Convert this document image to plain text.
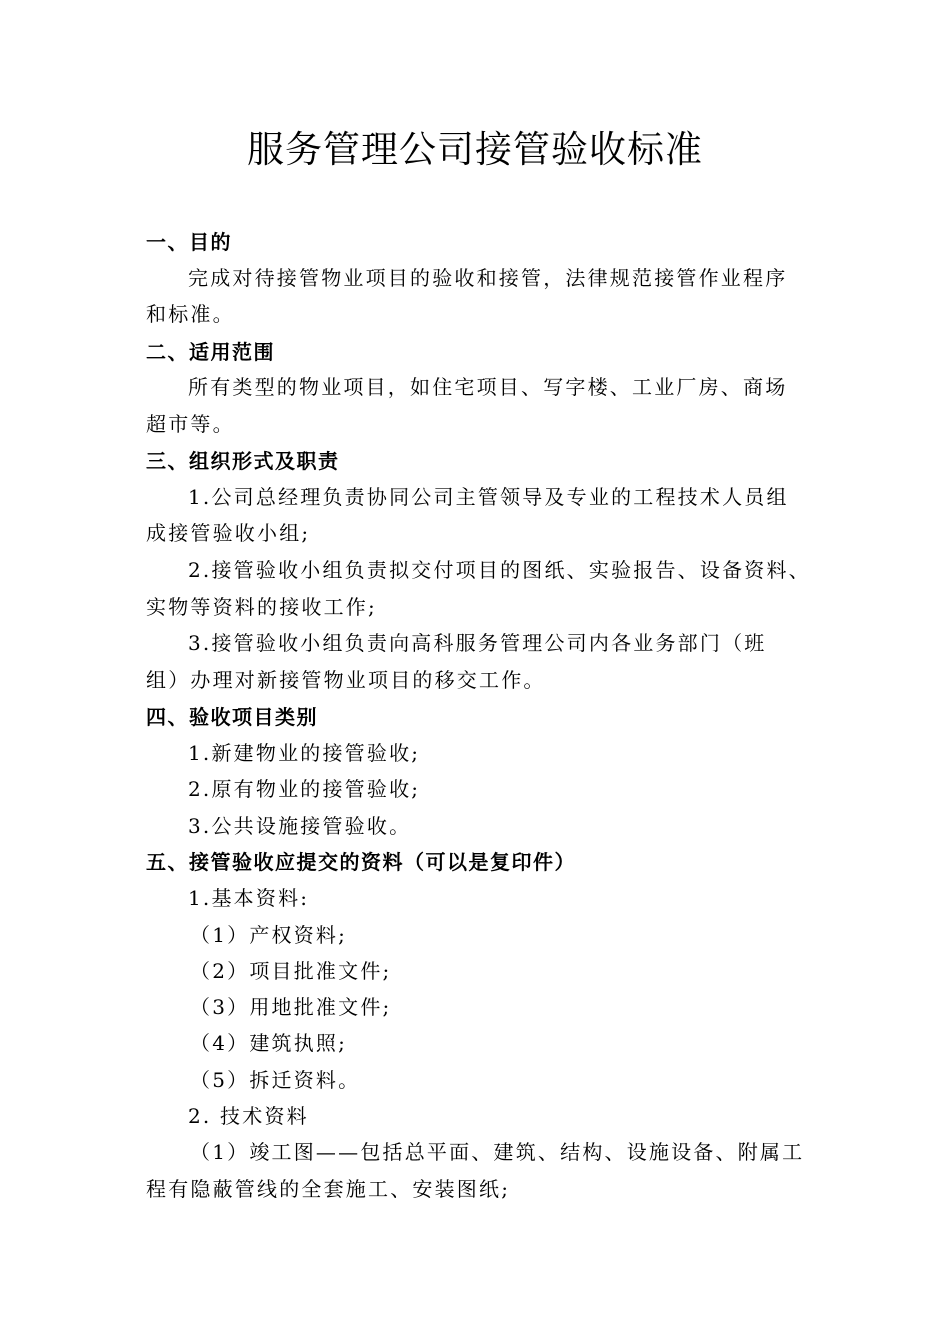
服务管理公司接管验收标准
一、目的
完成对待接管物业项目的验收和接管，法律规范接管作业程序
和标准。
二、适用范围
所有类型的物业项目，如住宅项目、写字楼、工业厂房、商场
超市等。
三、组织形式及职责
1.公司总经理负责协同公司主管领导及专业的工程技术人员组
成接管验收小组;
2.接管验收小组负责拟交付项目的图纸、实验报告、设备资料、
实物等资料的接收工作;
3.接管验收小组负责向高科服务管理公司内各业务部门（班
组）办理对新接管物业项目的移交工作。
四、验收项目类别
1.新建物业的接管验收;
2.原有物业的接管验收;
3.公共设施接管验收。
五、接管验收应提交的资料（可以是复印件）
1.基本资料:
（1）产权资料;
（2）项目批准文件;
（3）用地批准文件;
（4）建筑执照;
（5）拆迁资料。
2. 技术资料
（1）竣工图——包括总平面、建筑、结构、设施设备、附属工
程有隐蔽管线的全套施工、安装图纸;
